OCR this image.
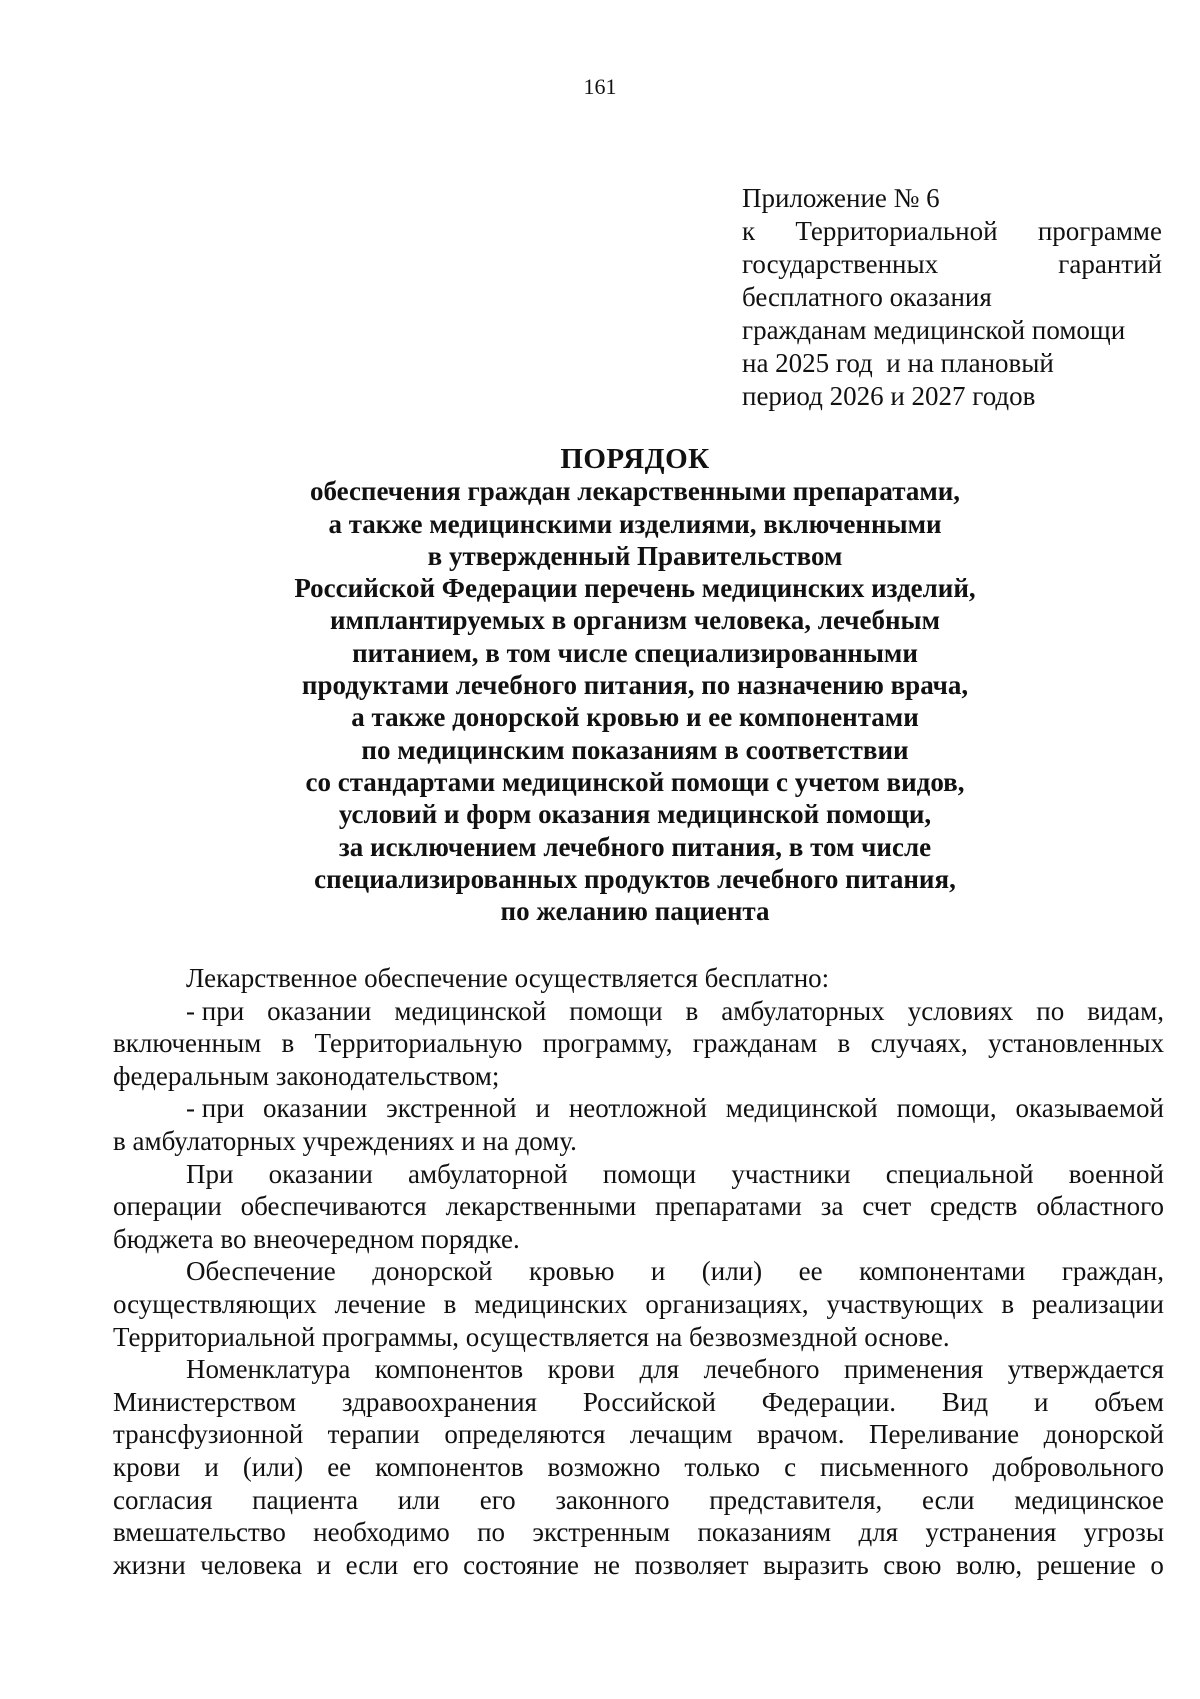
161
Приложение № 6
к Территориальной программе
государственных	гарантий
бесплатного оказания
гражданам медицинской помощи
на 2025 год  и на плановый
период 2026 и 2027 годов
ПОРЯДОК
обеспечения граждан лекарственными препаратами,
а также медицинскими изделиями, включенными
в утвержденный Правительством
Российской Федерации перечень медицинских изделий,
имплантируемых в организм человека, лечебным
питанием, в том числе специализированными
продуктами лечебного питания, по назначению врача,
а также донорской кровью и ее компонентами
по медицинским показаниям в соответствии
со стандартами медицинской помощи с учетом видов,
условий и форм оказания медицинской помощи,
за исключением лечебного питания, в том числе
специализированных продуктов лечебного питания,
по желанию пациента
Лекарственное обеспечение осуществляется бесплатно:
- при оказании медицинской помощи в амбулаторных условиях по видам,
включенным в Территориальную программу, гражданам в случаях, установленных
федеральным законодательством;
- при оказании экстренной и неотложной медицинской помощи, оказываемой
в амбулаторных учреждениях и на дому.
При оказании амбулаторной помощи участники специальной военной
операции обеспечиваются лекарственными препаратами за счет средств областного
бюджета во внеочередном порядке.
Обеспечение донорской кровью и (или) ее компонентами граждан,
осуществляющих лечение в медицинских организациях, участвующих в реализации
Территориальной программы, осуществляется на безвозмездной основе.
Номенклатура компонентов крови для лечебного применения утверждается
Министерством здравоохранения Российской Федерации. Вид и объем
трансфузионной терапии определяются лечащим врачом. Переливание донорской
крови и (или) ее компонентов возможно только с письменного добровольного
согласия пациента или его законного представителя, если медицинское
вмешательство необходимо по экстренным показаниям для устранения угрозы
жизни человека и если его состояние не позволяет выразить свою волю, решение о
